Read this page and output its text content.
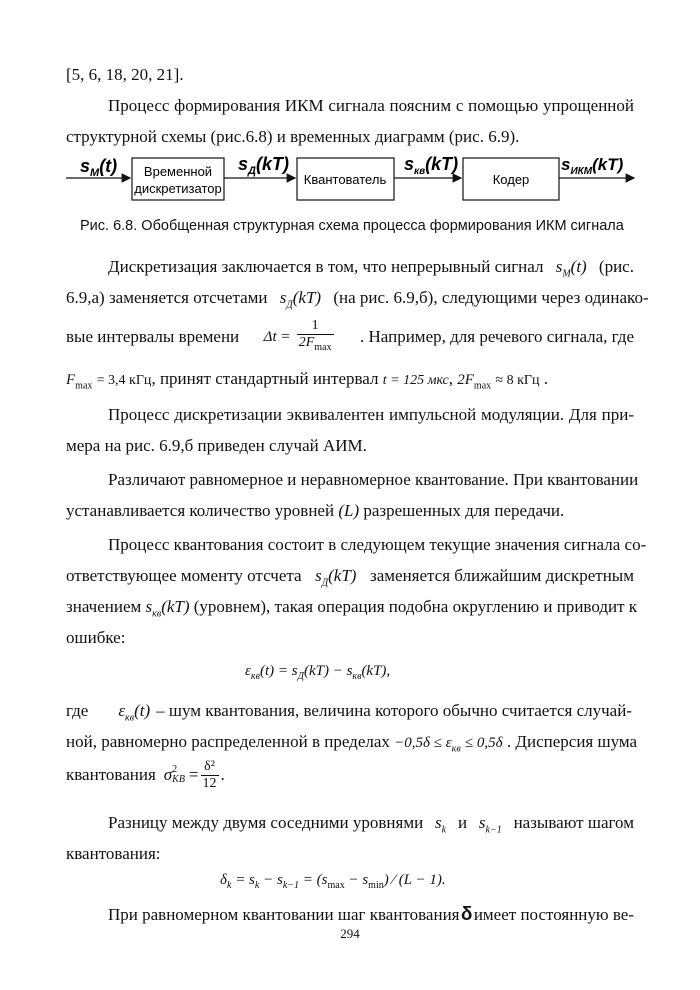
[5, 6, 18, 20, 21].
Процесс формирования ИКМ сигнала поясним с помощью упрощенной
структурной схемы (рис.6.8) и временных диаграмм (рис. 6.9).
$s_M(t)$ Временной
дискретизатор
$s_Д(kT)$
Квантователь
$s_{кв}(kT)$
Кодер
$s_{ИКМ}(kT)$
Рис. 6.8. Обобщенная структурная схема процесса формирования ИКМ сигнала
Дискретизация заключается в том, что непрерывный сигнал $s_M(t)$ (рис.
6.9,а) заменяется отсчетами $s_Д(kT)$ (на рис. 6.9,б), следующими через одинако-
вые интервалы времени $\Delta t = \frac{1}{2F_{max}}$ . Например, для речевого сигнала, где
$F_{max} = 3,4$ кГц, принят стандартный интервал t = 125 мкс, $2F_{max} \approx 8$ кГц .
Процесс дискретизации эквивалентен импульсной модуляции. Для при-
мера на рис. 6.9,б приведен случай АИМ.
Различают равномерное и неравномерное квантование. При квантовании
устанавливается количество уровней (L) разрешенных для передачи.
Процесс квантования состоит в следующем текущие значения сигнала со-
ответствующее моменту отсчета $s_Д(kT)$ заменяется ближайшим дискретным
значением $s_{кв}(kT)$ (уровнем), такая операция подобна округлению и приводит к
ошибке:
$\varepsilon_{кв}(t) = s_Д(kT) - s_{кв}(kT)$,
где $\varepsilon_{кв}(t)$ – шум квантования, величина которого обычно считается случай-
ной, равномерно распределенной в пределах $-0,5\delta \le \varepsilon_{кв} \le 0,5\delta$ . Дисперсия шума
квантования σ 2
КВ = $\frac{\text{δ²}}{12}$ .
Разницу между двумя соседними уровнями $s_k$ и $s_{k-1}$ называют шагом
квантования:
$\delta_k = s_k - s_{k-1} = (s_{max} - s_{min})$ ⁄ (L − 1).
При равномерном квантовании шаг квантования δ имеет постоянную ве-
294
